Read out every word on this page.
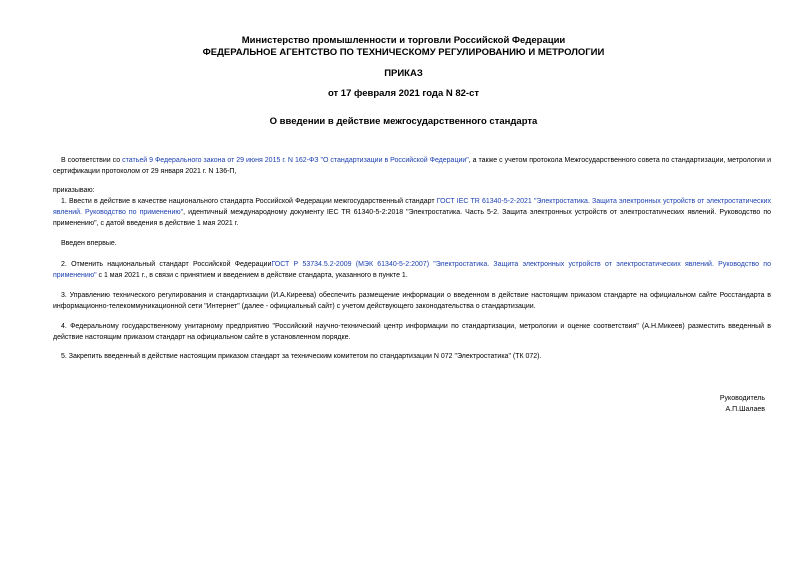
Министерство промышленности и торговли Российской Федерации
ФЕДЕРАЛЬНОЕ АГЕНТСТВО ПО ТЕХНИЧЕСКОМУ РЕГУЛИРОВАНИЮ И МЕТРОЛОГИИ
ПРИКАЗ
от 17 февраля 2021 года N 82-ст
О введении в действие межгосударственного стандарта
В соответствии со статьей 9 Федерального закона от 29 июня 2015 г. N 162-ФЗ "О стандартизации в Российской Федерации", а также с учетом протокола Межгосударственного совета по стандартизации, метрологии и сертификации протоколом от 29 января 2021 г. N 136-П,
приказываю:
1. Ввести в действие в качестве национального стандарта Российской Федерации межгосударственный стандарт ГОСТ IEC TR 61340-5-2-2021 "Электростатика. Защита электронных устройств от электростатических явлений. Руководство по применению", идентичный международному документу IEC TR 61340-5-2:2018 "Электростатика. Часть 5-2. Защита электронных устройств от электростатических явлений. Руководство по применению", с датой введения в действие 1 мая 2021 г.
Введен впервые.
2. Отменить национальный стандарт Российской ФедерацииГОСТ Р 53734.5.2-2009 (МЭК 61340-5-2:2007) "Электростатика. Защита электронных устройств от электростатических явлений. Руководство по применению" с 1 мая 2021 г., в связи с принятием и введением в действие стандарта, указанного в пункте 1.
3. Управлению технического регулирования и стандартизации (И.А.Киреева) обеспечить размещение информации о введенном в действие настоящим приказом стандарте на официальном сайте Росстандарта в информационно-телекоммуникационной сети "Интернет" (далее - официальный сайт) с учетом действующего законодательства о стандартизации.
4. Федеральному государственному унитарному предприятию "Российский научно-технический центр информации по стандартизации, метрологии и оценке соответствия" (А.Н.Микеев) разместить введенный в действие настоящим приказом стандарт на официальном сайте в установленном порядке.
5. Закрепить введенный в действие настоящим приказом стандарт за техническим комитетом по стандартизации N 072 "Электростатика" (ТК 072).
Руководитель
А.П.Шалаев
